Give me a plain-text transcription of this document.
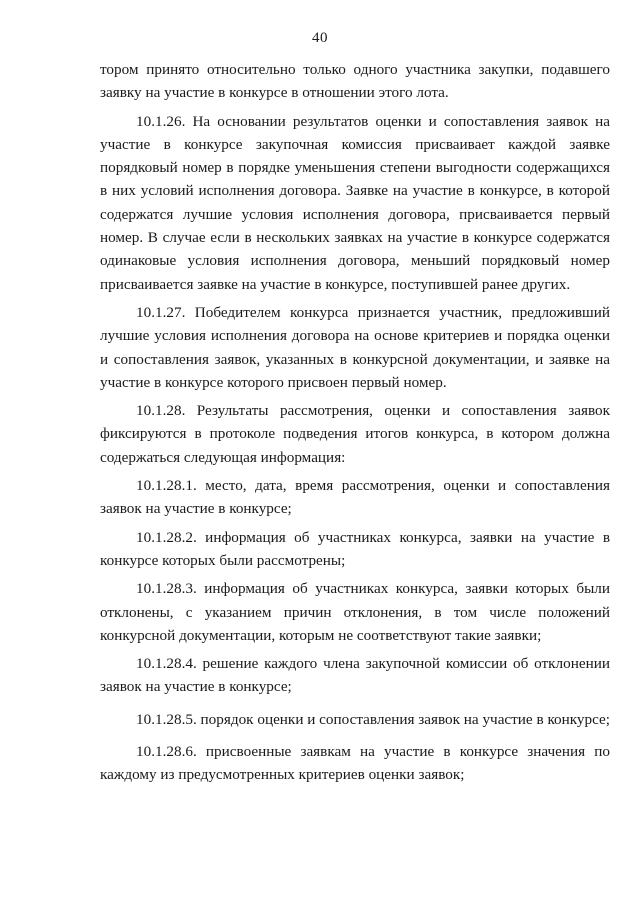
40

тором принято относительно только одного участника закупки, подавшего заявку на участие в конкурсе в отношении этого лота.

10.1.26. На основании результатов оценки и сопоставления заявок на участие в конкурсе закупочная комиссия присваивает каждой заявке порядковый номер в порядке уменьшения степени выгодности содержащихся в них условий исполнения договора. Заявке на участие в конкурсе, в которой содержатся лучшие условия исполнения договора, присваивается первый номер. В случае если в нескольких заявках на участие в конкурсе содержатся одинаковые условия исполнения договора, меньший порядковый номер присваивается заявке на участие в конкурсе, поступившей ранее других.

10.1.27. Победителем конкурса признается участник, предложивший лучшие условия исполнения договора на основе критериев и порядка оценки и сопоставления заявок, указанных в конкурсной документации, и заявке на участие в конкурсе которого присвоен первый номер.

10.1.28. Результаты рассмотрения, оценки и сопоставления заявок фиксируются в протоколе подведения итогов конкурса, в котором должна содержаться следующая информация:

10.1.28.1. место, дата, время рассмотрения, оценки и сопоставления заявок на участие в конкурсе;

10.1.28.2. информация об участниках конкурса, заявки на участие в конкурсе которых были рассмотрены;

10.1.28.3. информация об участниках конкурса, заявки которых были отклонены, с указанием причин отклонения, в том числе положений конкурсной документации, которым не соответствуют такие заявки;

10.1.28.4. решение каждого члена закупочной комиссии об отклонении заявок на участие в конкурсе;

10.1.28.5. порядок оценки и сопоставления заявок на участие в конкурсе;

10.1.28.6. присвоенные заявкам на участие в конкурсе значения по каждому из предусмотренных критериев оценки заявок;
